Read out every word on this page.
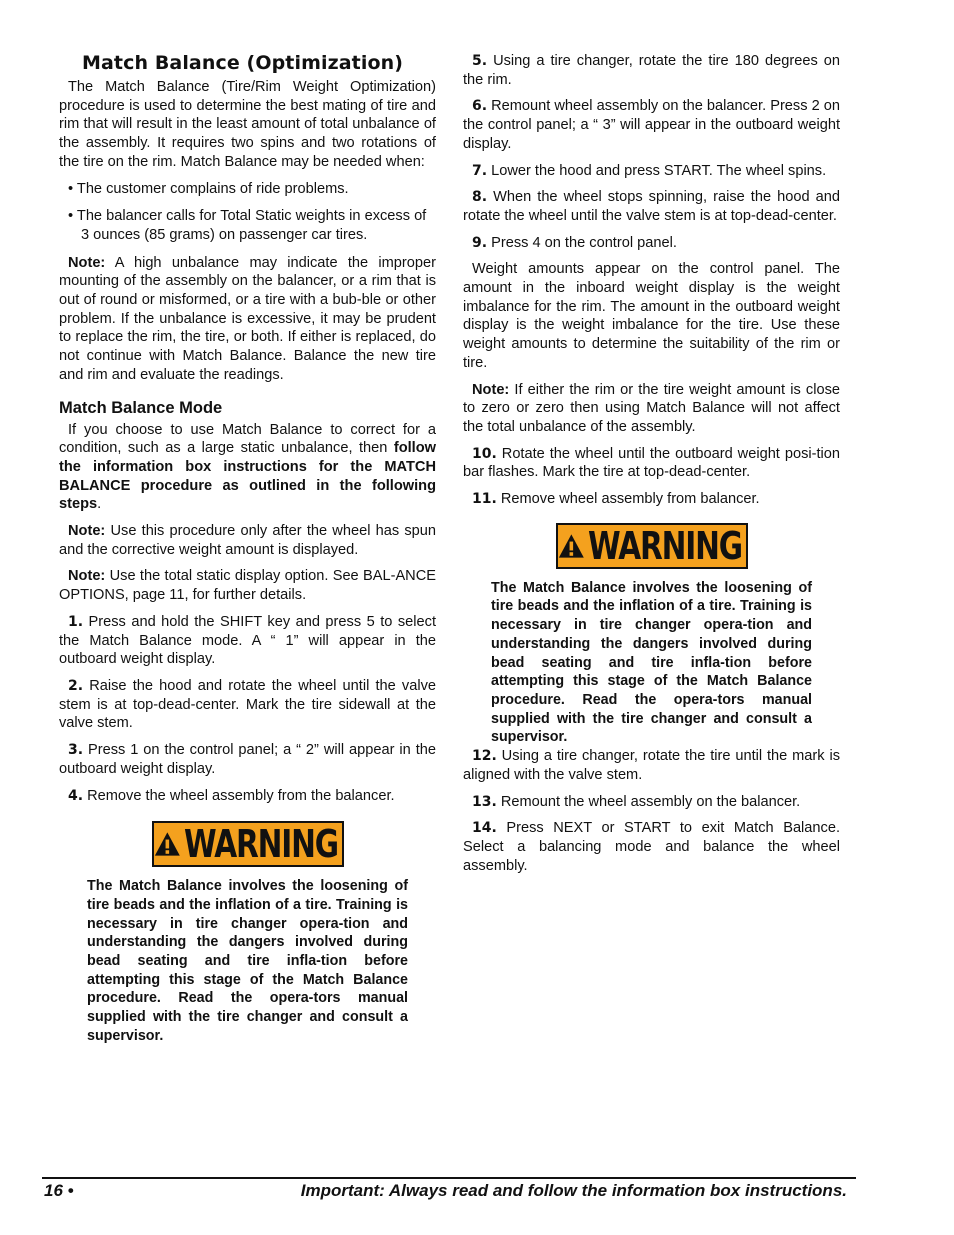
Match Balance (Optimization)

The Match Balance (Tire/Rim Weight Optimization) procedure is used to determine the best mating of tire and rim that will result in the least amount of total unbalance of the assembly. It requires two spins and two rotations of the tire on the rim. Match Balance may be needed when:

• The customer complains of ride problems.

• The balancer calls for Total Static weights in excess of 3 ounces (85 grams) on passenger car tires.

Note: A high unbalance may indicate the improper mounting of the assembly on the balancer, or a rim that is out of round or misformed, or a tire with a bub-ble or other problem. If the unbalance is excessive, it may be prudent to replace the rim, the tire, or both. If either is replaced, do not continue with Match Balance. Balance the new tire and rim and evaluate the readings.

Match Balance Mode

If you choose to use Match Balance to correct for a condition, such as a large static unbalance, then follow the information box instructions for the MATCH BALANCE procedure as outlined in the following steps.

Note: Use this procedure only after the wheel has spun and the corrective weight amount is displayed.

Note: Use the total static display option. See BAL-ANCE OPTIONS, page 11, for further details.

1. Press and hold the SHIFT key and press 5 to select the Match Balance mode. A “ 1” will appear in the outboard weight display.

2. Raise the hood and rotate the wheel until the valve stem is at top-dead-center. Mark the tire sidewall at the valve stem.

3. Press 1 on the control panel; a “ 2” will appear in the outboard weight display.

4. Remove the wheel assembly from the balancer.

WARNING

The Match Balance involves the loosening of tire beads and the inflation of a tire. Training is necessary in tire changer opera-tion and understanding the dangers involved during bead seating and tire infla-tion before attempting this stage of the Match Balance procedure. Read the opera-tors manual supplied with the tire changer and consult a supervisor.

5. Using a tire changer, rotate the tire 180 degrees on the rim.

6. Remount wheel assembly on the balancer. Press 2 on the control panel; a “ 3” will appear in the outboard weight display.

7. Lower the hood and press START. The wheel spins.

8. When the wheel stops spinning, raise the hood and rotate the wheel until the valve stem is at top-dead-center.

9. Press 4 on the control panel.

Weight amounts appear on the control panel. The amount in the inboard weight display is the weight imbalance for the rim. The amount in the outboard weight display is the weight imbalance for the tire. Use these weight amounts to determine the suitability of the rim or tire.

Note: If either the rim or the tire weight amount is close to zero or zero then using Match Balance will not affect the total unbalance of the assembly.

10. Rotate the wheel until the outboard weight posi-tion bar flashes. Mark the tire at top-dead-center.

11. Remove wheel assembly from balancer.

WARNING

The Match Balance involves the loosening of tire beads and the inflation of a tire. Training is necessary in tire changer opera-tion and understanding the dangers involved during bead seating and tire infla-tion before attempting this stage of the Match Balance procedure. Read the opera-tors manual supplied with the tire changer and consult a supervisor.

12. Using a tire changer, rotate the tire until the mark is aligned with the valve stem.

13. Remount the wheel assembly on the balancer.

14. Press NEXT or START to exit Match Balance. Select a balancing mode and balance the wheel assembly.

16 •	Important: Always read and follow the information box instructions.
